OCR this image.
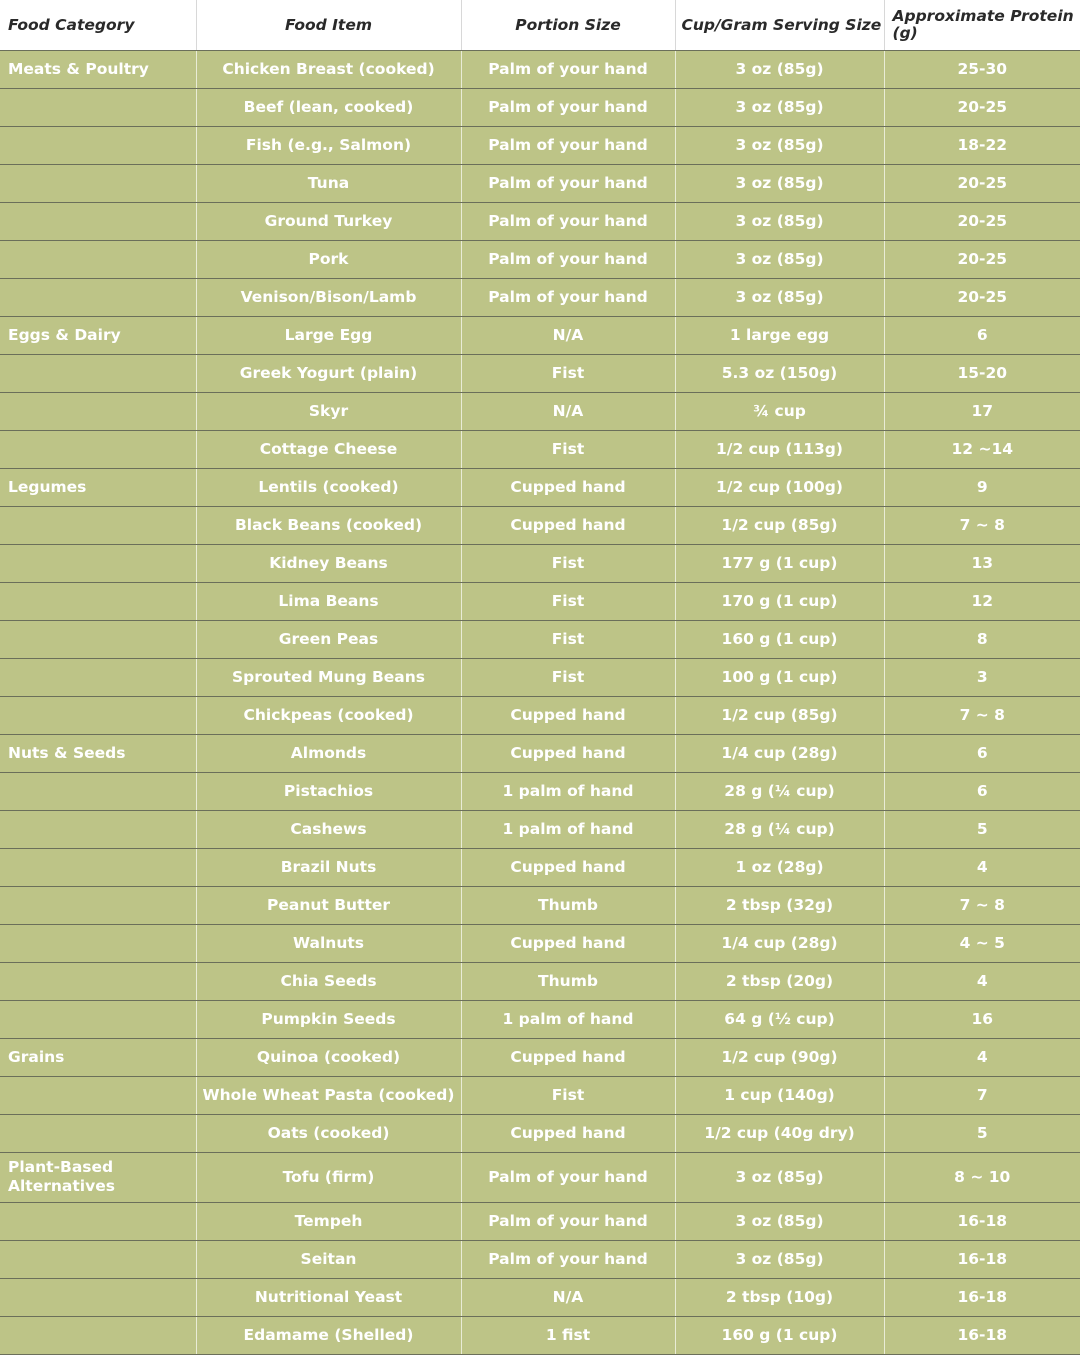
Food Category	Food Item	Portion Size	Cup/Gram Serving Size	Approximate Protein (g)
Meats & Poultry	Chicken Breast (cooked)	Palm of your hand	3 oz (85g)	25-30
	Beef (lean, cooked)	Palm of your hand	3 oz (85g)	20-25
	Fish (e.g., Salmon)	Palm of your hand	3 oz (85g)	18-22
	Tuna	Palm of your hand	3 oz (85g)	20-25
	Ground Turkey	Palm of your hand	3 oz (85g)	20-25
	Pork	Palm of your hand	3 oz (85g)	20-25
	Venison/Bison/Lamb	Palm of your hand	3 oz (85g)	20-25
Eggs & Dairy	Large Egg	N/A	1 large egg	6
	Greek Yogurt (plain)	Fist	5.3 oz (150g)	15-20
	Skyr	N/A	¾ cup	17
	Cottage Cheese	Fist	1/2 cup (113g)	12 ~14
Legumes	Lentils (cooked)	Cupped hand	1/2 cup (100g)	9
	Black Beans (cooked)	Cupped hand	1/2 cup (85g)	7 ~ 8
	Kidney Beans	Fist	177 g (1 cup)	13
	Lima Beans	Fist	170 g (1 cup)	12
	Green Peas	Fist	160 g (1 cup)	8
	Sprouted Mung Beans	Fist	100 g (1 cup)	3
	Chickpeas (cooked)	Cupped hand	1/2 cup (85g)	7 ~ 8
Nuts & Seeds	Almonds	Cupped hand	1/4 cup (28g)	6
	Pistachios	1 palm of hand	28 g (¼ cup)	6
	Cashews	1 palm of hand	28 g (¼ cup)	5
	Brazil Nuts	Cupped hand	1 oz (28g)	4
	Peanut Butter	Thumb	2 tbsp (32g)	7 ~ 8
	Walnuts	Cupped hand	1/4 cup (28g)	4 ~ 5
	Chia Seeds	Thumb	2 tbsp (20g)	4
	Pumpkin Seeds	1 palm of hand	64 g (½ cup)	16
Grains	Quinoa (cooked)	Cupped hand	1/2 cup (90g)	4
	Whole Wheat Pasta (cooked)	Fist	1 cup (140g)	7
	Oats (cooked)	Cupped hand	1/2 cup (40g dry)	5
Plant-Based Alternatives	Tofu (firm)	Palm of your hand	3 oz (85g)	8 ~ 10
	Tempeh	Palm of your hand	3 oz (85g)	16-18
	Seitan	Palm of your hand	3 oz (85g)	16-18
	Nutritional Yeast	N/A	2 tbsp (10g)	16-18
	Edamame (Shelled)	1 fist	160 g (1 cup)	16-18
